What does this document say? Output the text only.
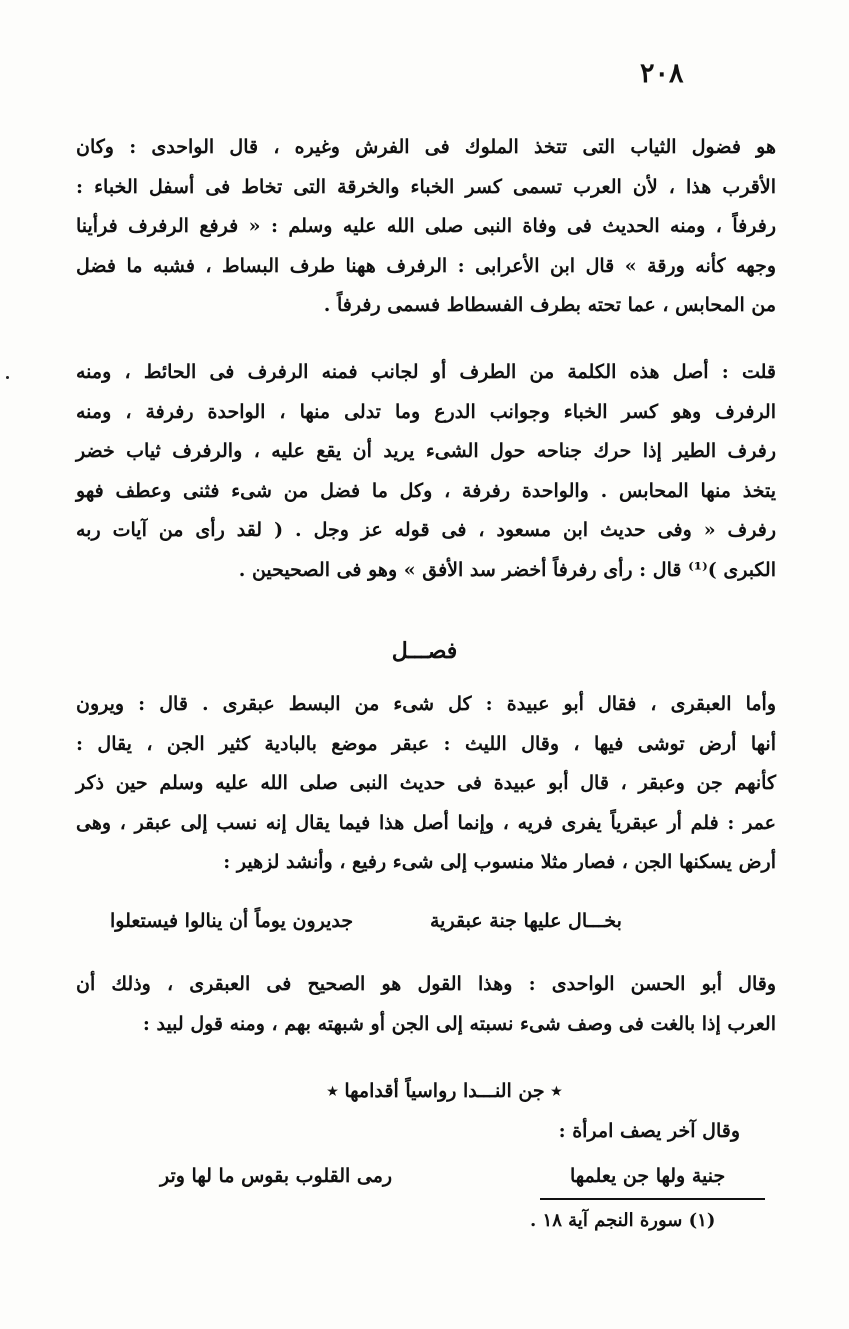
٢٠٨
هو فضول الثياب التى تتخذ الملوك فى الفرش وغيره ، قال الواحدى : وكان
الأقرب هذا ، لأن العرب تسمى كسر الخباء والخرقة التى تخاط فى أسفل الخباء :
رفرفاً ، ومنه الحديث فى وفاة النبى صلى الله عليه وسلم : « فرفع الرفرف فرأينا
وجهه كأنه ورقة » قال ابن الأعرابى : الرفرف ههنا طرف البساط ، فشبه ما فضل
من المحابس ، عما تحته بطرف الفسطاط فسمى رفرفاً .
قلت : أصل هذه الكلمة من الطرف أو لجانب فمنه الرفرف فى الحائط ، ومنه
الرفرف وهو كسر الخباء وجوانب الدرع وما تدلى منها ، الواحدة رفرفة ، ومنه
رفرف الطير إذا حرك جناحه حول الشىء يريد أن يقع عليه ، والرفرف ثياب خضر
يتخذ منها المحابس . والواحدة رفرفة ، وكل ما فضل من شىء فثنى وعطف فهو
رفرف « وفى حديث ابن مسعود ، فى قوله عز وجل . ( لقد رأى من آيات ربه
الكبرى )⁽¹⁾ قال : رأى رفرفاً أخضر سد الأفق » وهو فى الصحيحين .
فصـــل
وأما العبقرى ، فقال أبو عبيدة : كل شىء من البسط عبقرى . قال : ويرون
أنها أرض توشى فيها ، وقال الليث : عبقر موضع بالبادية كثير الجن ، يقال :
كأنهم جن وعبقر ، قال أبو عبيدة فى حديث النبى صلى الله عليه وسلم حين ذكر
عمر : فلم أر عبقرياً يفرى فريه ، وإنما أصل هذا فيما يقال إنه نسب إلى عبقر ، وهى
أرض يسكنها الجن ، فصار مثلا منسوب إلى شىء رفيع ، وأنشد لزهير :
بخـــال عليها جنة عبقرية
جديرون يوماً أن ينالوا فيستعلوا
وقال أبو الحسن الواحدى : وهذا القول هو الصحيح فى العبقرى ، وذلك أن
العرب إذا بالغت فى وصف شىء نسبته إلى الجن أو شبهته بهم ، ومنه قول لبيد :
٭ جن النـــدا رواسياً أقدامها ٭
وقال آخر يصف امرأة :
جنية ولها جن يعلمها
رمى القلوب بقوس ما لها وتر
(١) سورة النجم آية ١٨ .
